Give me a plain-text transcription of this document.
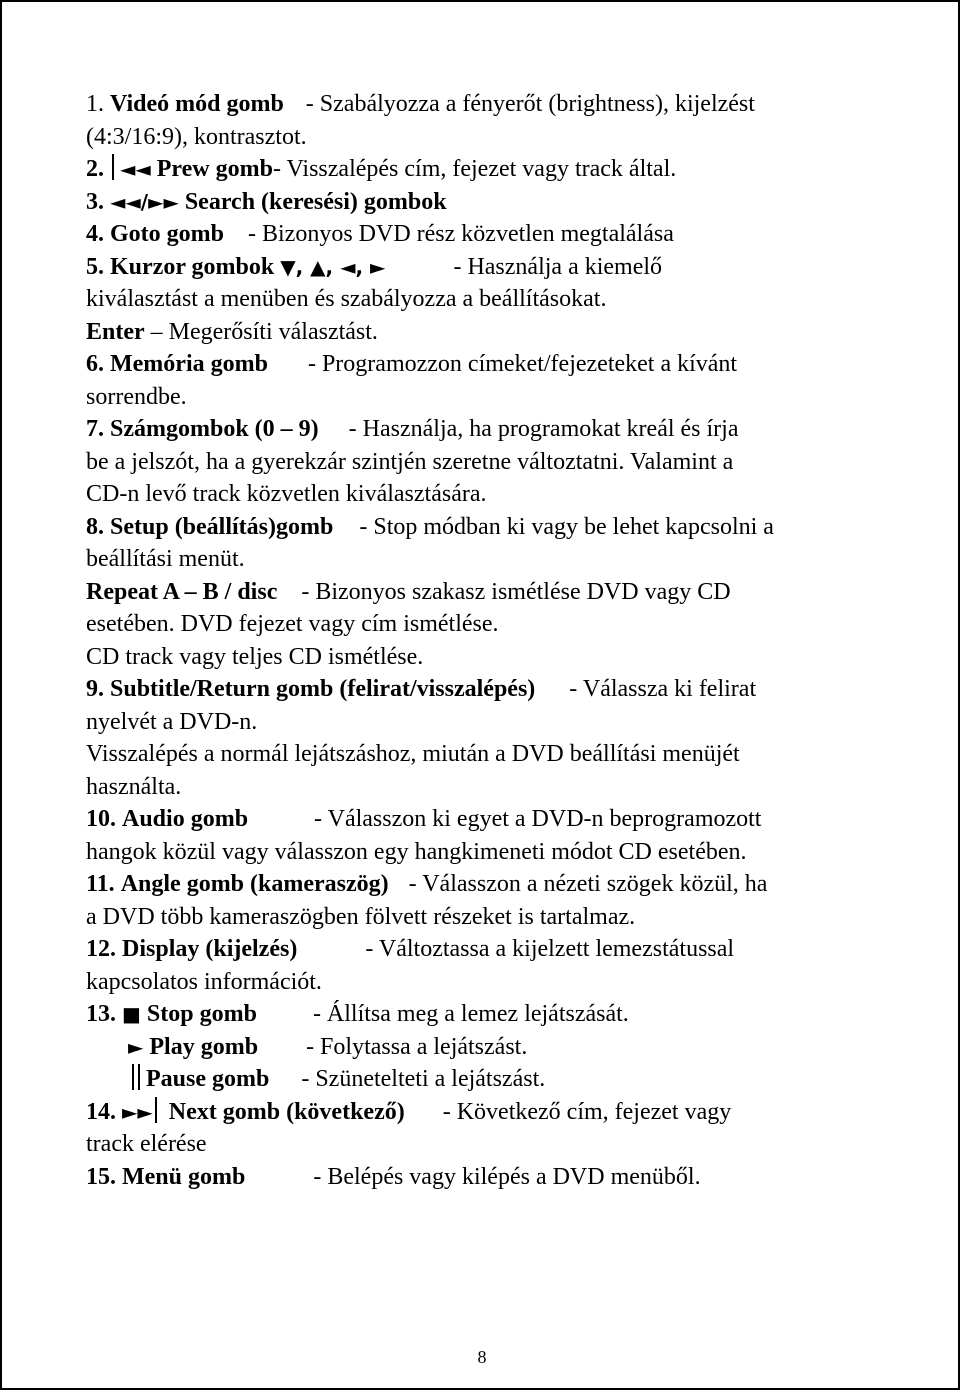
1. Videó mód gomb - Szabályozza a fényerőt (brightness), kijelzést
(4:3/16:9), kontrasztot.
2. ◄◄ Prew gomb- Visszalépés cím, fejezet vagy track által.
3. ◄◄/►► Search (keresési) gombok
4. Goto gomb - Bizonyos DVD rész közvetlen megtalálása
5. Kurzor gombok ▼, ▲, ◄, ►	- Használja a kiemelő
kiválasztást a menüben és szabályozza a beállításokat.
Enter – Megerősíti választást.
6. Memória gomb - Programozzon címeket/fejezeteket a kívánt
sorrendbe.
7. Számgombok (0 – 9) - Használja, ha programokat kreál és írja
be a jelszót, ha a gyerekzár szintjén szeretne változtatni. Valamint a
CD-n levő track közvetlen kiválasztására.
8. Setup (beállítás)gomb - Stop módban ki vagy be lehet kapcsolni a
beállítási menüt.
Repeat A – B / disc - Bizonyos szakasz ismétlése DVD vagy CD
esetében. DVD fejezet vagy cím ismétlése.
CD track vagy teljes CD ismétlése.
9. Subtitle/Return gomb (felirat/visszalépés) - Válassza ki felirat
nyelvét a DVD-n.
Visszalépés a normál lejátszáshoz, miután a DVD beállítási menüjét
használta.
10. Audio gomb	- Válasszon ki egyet a DVD-n beprogramozott
hangok közül vagy válasszon egy hangkimeneti módot CD esetében.
11. Angle gomb (kameraszög) - Válasszon a nézeti szögek közül, ha
a DVD több kameraszögben fölvett részeket is tartalmaz.
12. Display (kijelzés)	- Változtassa a kijelzett lemezstátussal
kapcsolatos információt.
13. ■ Stop gomb - Állítsa meg a lemez lejátszását.
► Play gomb - Folytassa a lejátszást.
Pause gomb - Szünetelteti a lejátszást.
14. ►► Next gomb (következő) - Következő cím, fejezet vagy
track elérése
15. Menü gomb	- Belépés vagy kilépés a DVD menüből.
8
